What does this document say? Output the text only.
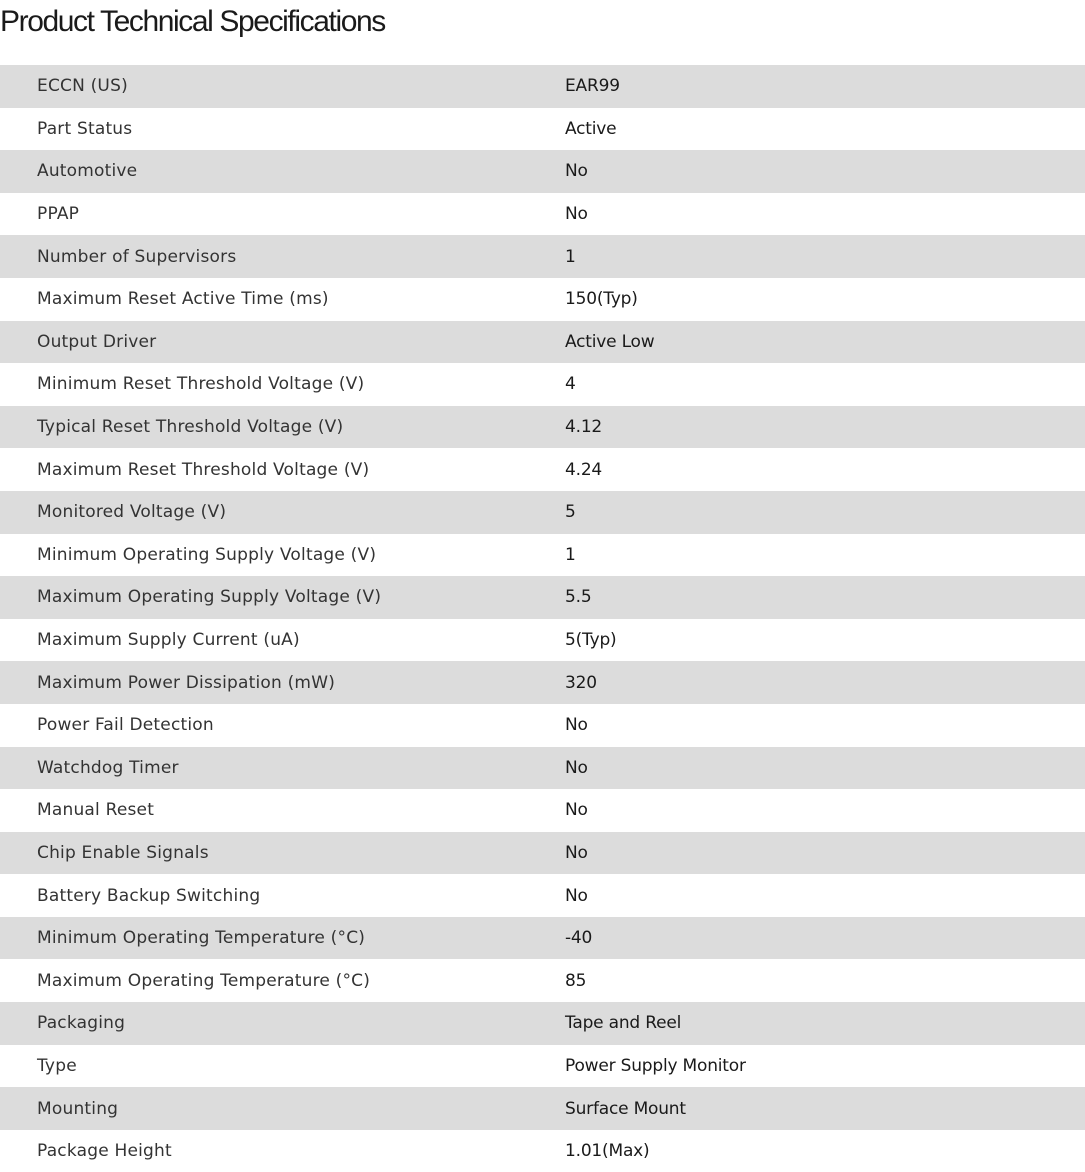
Product Technical Specifications
ECCN (US)	EAR99
Part Status	Active
Automotive	No
PPAP	No
Number of Supervisors	1
Maximum Reset Active Time (ms)	150(Typ)
Output Driver	Active Low
Minimum Reset Threshold Voltage (V)	4
Typical Reset Threshold Voltage (V)	4.12
Maximum Reset Threshold Voltage (V)	4.24
Monitored Voltage (V)	5
Minimum Operating Supply Voltage (V)	1
Maximum Operating Supply Voltage (V)	5.5
Maximum Supply Current (uA)	5(Typ)
Maximum Power Dissipation (mW)	320
Power Fail Detection	No
Watchdog Timer	No
Manual Reset	No
Chip Enable Signals	No
Battery Backup Switching	No
Minimum Operating Temperature (°C)	-40
Maximum Operating Temperature (°C)	85
Packaging	Tape and Reel
Type	Power Supply Monitor
Mounting	Surface Mount
Package Height	1.01(Max)
